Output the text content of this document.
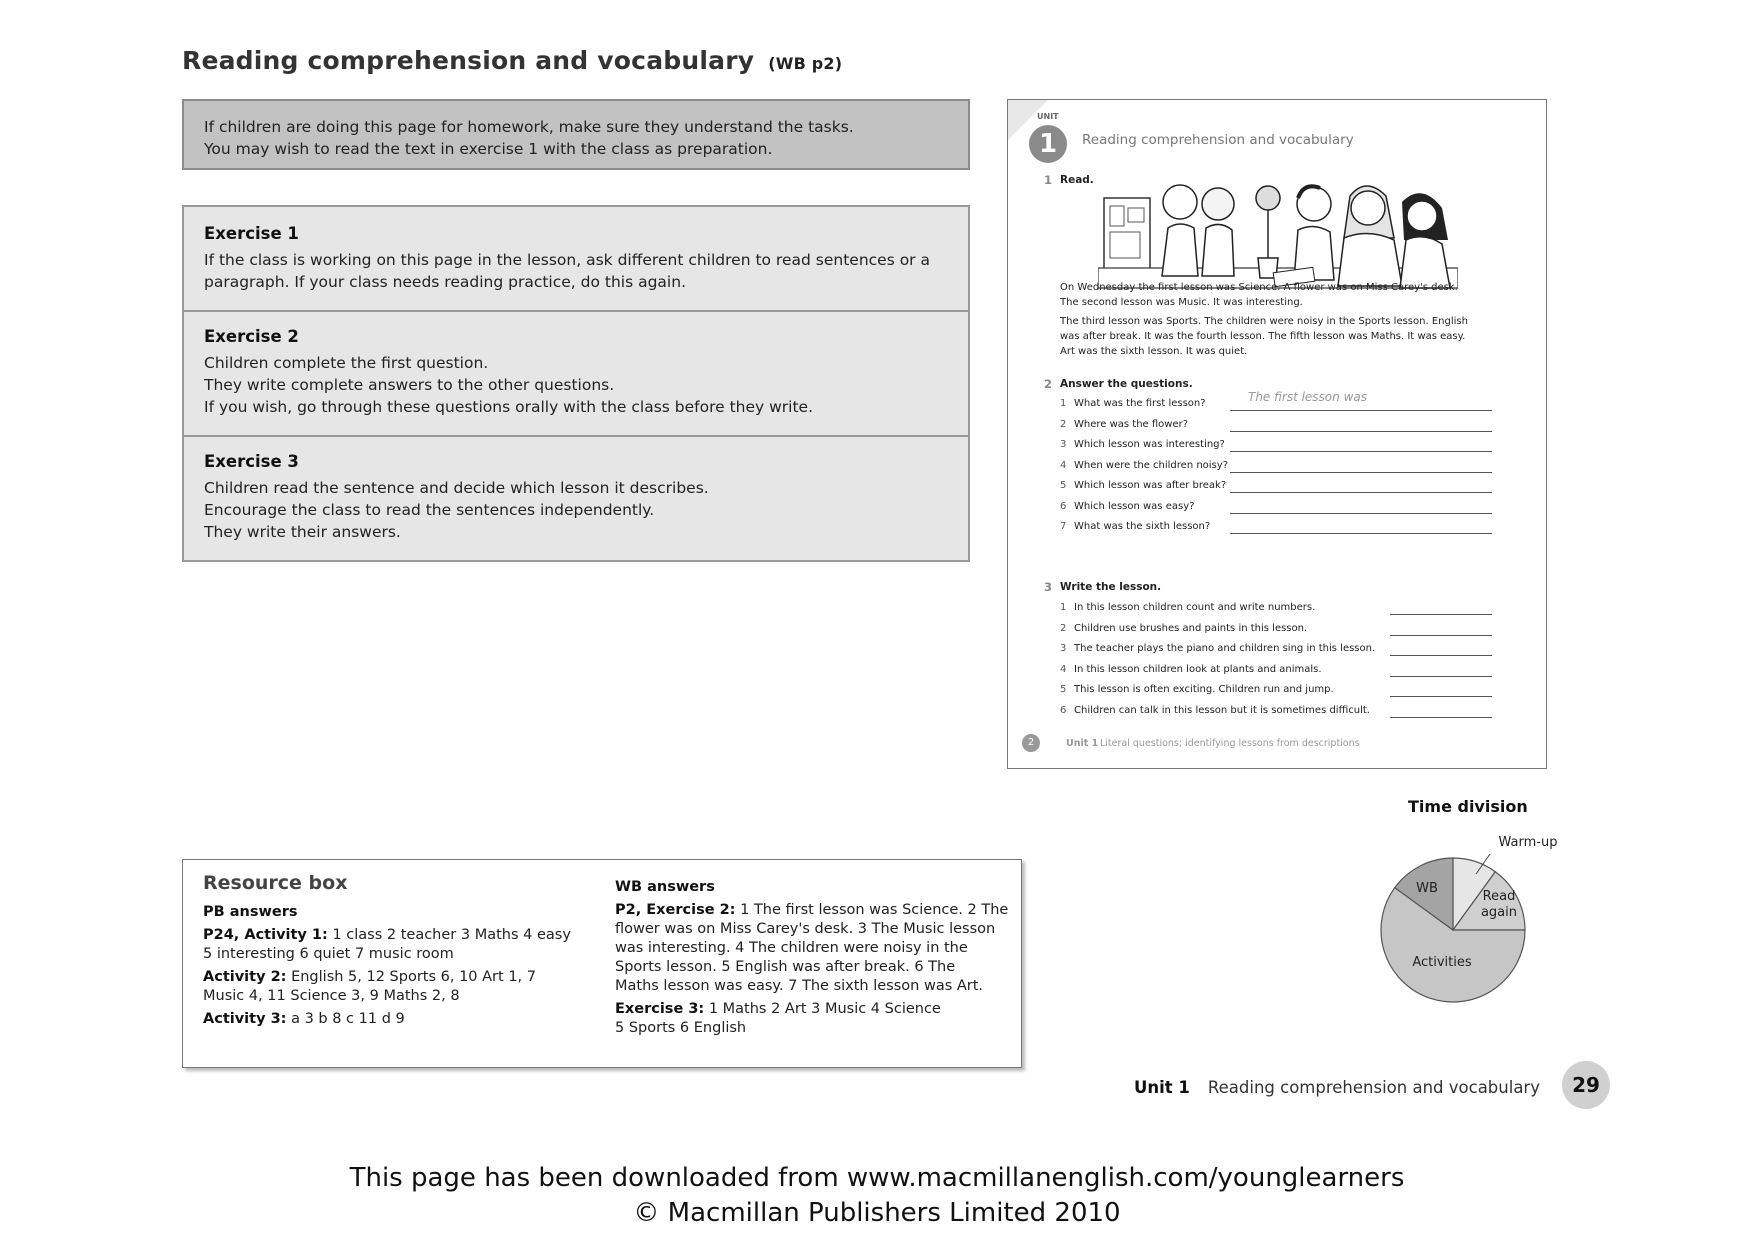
Reading comprehension and vocabulary (WB p2)
If children are doing this page for homework, make sure they understand the tasks.
You may wish to read the text in exercise 1 with the class as preparation.
Exercise 1
If the class is working on this page in the lesson, ask different children to read sentences or a
paragraph. If your class needs reading practice, do this again.
Exercise 2
Children complete the first question.
They write complete answers to the other questions.
If you wish, go through these questions orally with the class before they write.
Exercise 3
Children read the sentence and decide which lesson it describes.
Encourage the class to read the sentences independently.
They write their answers.
UNIT
1 Reading comprehension and vocabulary
1 Read.
On Wednesday the first lesson was Science. A flower was on Miss Carey's desk.
The second lesson was Music. It was interesting.
The third lesson was Sports. The children were noisy in the Sports lesson. English
was after break. It was the fourth lesson. The fifth lesson was Maths. It was easy.
Art was the sixth lesson. It was quiet.
2 Answer the questions.
The first lesson was
1 What was the first lesson?
2 Where was the flower?
3 Which lesson was interesting?
4 When were the children noisy?
5 Which lesson was after break?
6 Which lesson was easy?
7 What was the sixth lesson?
3 Write the lesson.
1 In this lesson children count and write numbers.
2 Children use brushes and paints in this lesson.
3 The teacher plays the piano and children sing in this lesson.
4 In this lesson children look at plants and animals.
5 This lesson is often exciting. Children run and jump.
6 Children can talk in this lesson but it is sometimes difficult.
2	Unit 1 Literal questions; identifying lessons from descriptions
Time division
Warm-up
Read again
Activities
WB
Resource box
PB answers
P24, Activity 1: 1 class 2 teacher 3 Maths 4 easy
5 interesting 6 quiet 7 music room
Activity 2: English 5, 12 Sports 6, 10 Art 1, 7
Music 4, 11 Science 3, 9 Maths 2, 8
Activity 3: a 3 b 8 c 11 d 9
WB answers
P2, Exercise 2: 1 The first lesson was Science. 2 The
flower was on Miss Carey's desk. 3 The Music lesson
was interesting. 4 The children were noisy in the
Sports lesson. 5 English was after break. 6 The
Maths lesson was easy. 7 The sixth lesson was Art.
Exercise 3: 1 Maths 2 Art 3 Music 4 Science
5 Sports 6 English
Unit 1 Reading comprehension and vocabulary	29
This page has been downloaded from www.macmillanenglish.com/younglearners
© Macmillan Publishers Limited 2010
